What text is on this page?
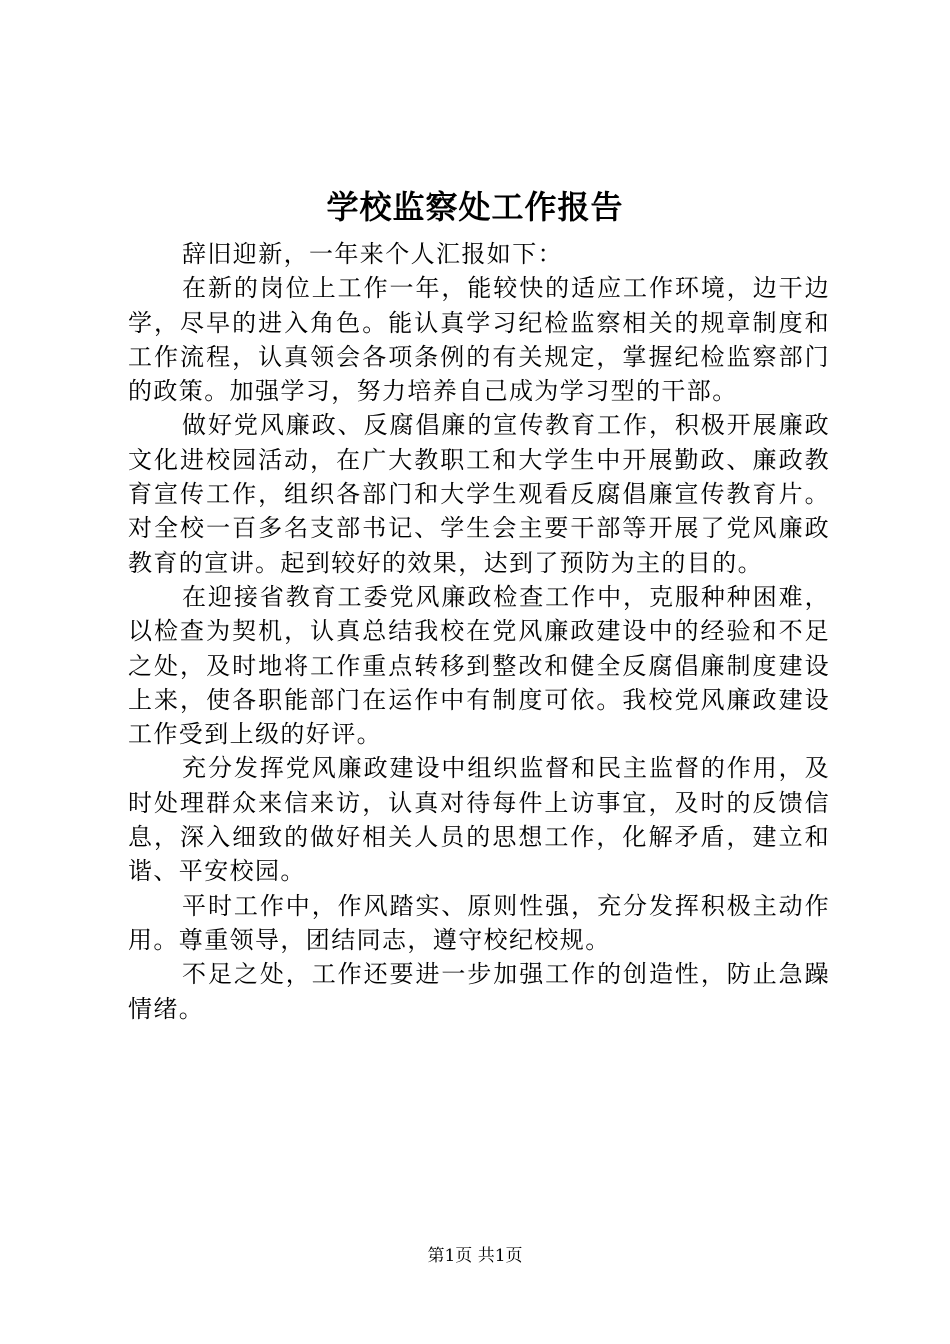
学校监察处工作报告

辞旧迎新，一年来个人汇报如下：

在新的岗位上工作一年，能较快的适应工作环境，边干边学，尽早的进入角色。能认真学习纪检监察相关的规章制度和工作流程，认真领会各项条例的有关规定，掌握纪检监察部门的政策。加强学习，努力培养自己成为学习型的干部。

做好党风廉政、反腐倡廉的宣传教育工作，积极开展廉政文化进校园活动，在广大教职工和大学生中开展勤政、廉政教育宣传工作，组织各部门和大学生观看反腐倡廉宣传教育片。对全校一百多名支部书记、学生会主要干部等开展了党风廉政教育的宣讲。起到较好的效果，达到了预防为主的目的。

在迎接省教育工委党风廉政检查工作中，克服种种困难，以检查为契机，认真总结我校在党风廉政建设中的经验和不足之处，及时地将工作重点转移到整改和健全反腐倡廉制度建设上来，使各职能部门在运作中有制度可依。我校党风廉政建设工作受到上级的好评。

充分发挥党风廉政建设中组织监督和民主监督的作用，及时处理群众来信来访，认真对待每件上访事宜，及时的反馈信息，深入细致的做好相关人员的思想工作，化解矛盾，建立和谐、平安校园。

平时工作中，作风踏实、原则性强，充分发挥积极主动作用。尊重领导，团结同志，遵守校纪校规。

不足之处，工作还要进一步加强工作的创造性，防止急躁情绪。

第1页 共1页
